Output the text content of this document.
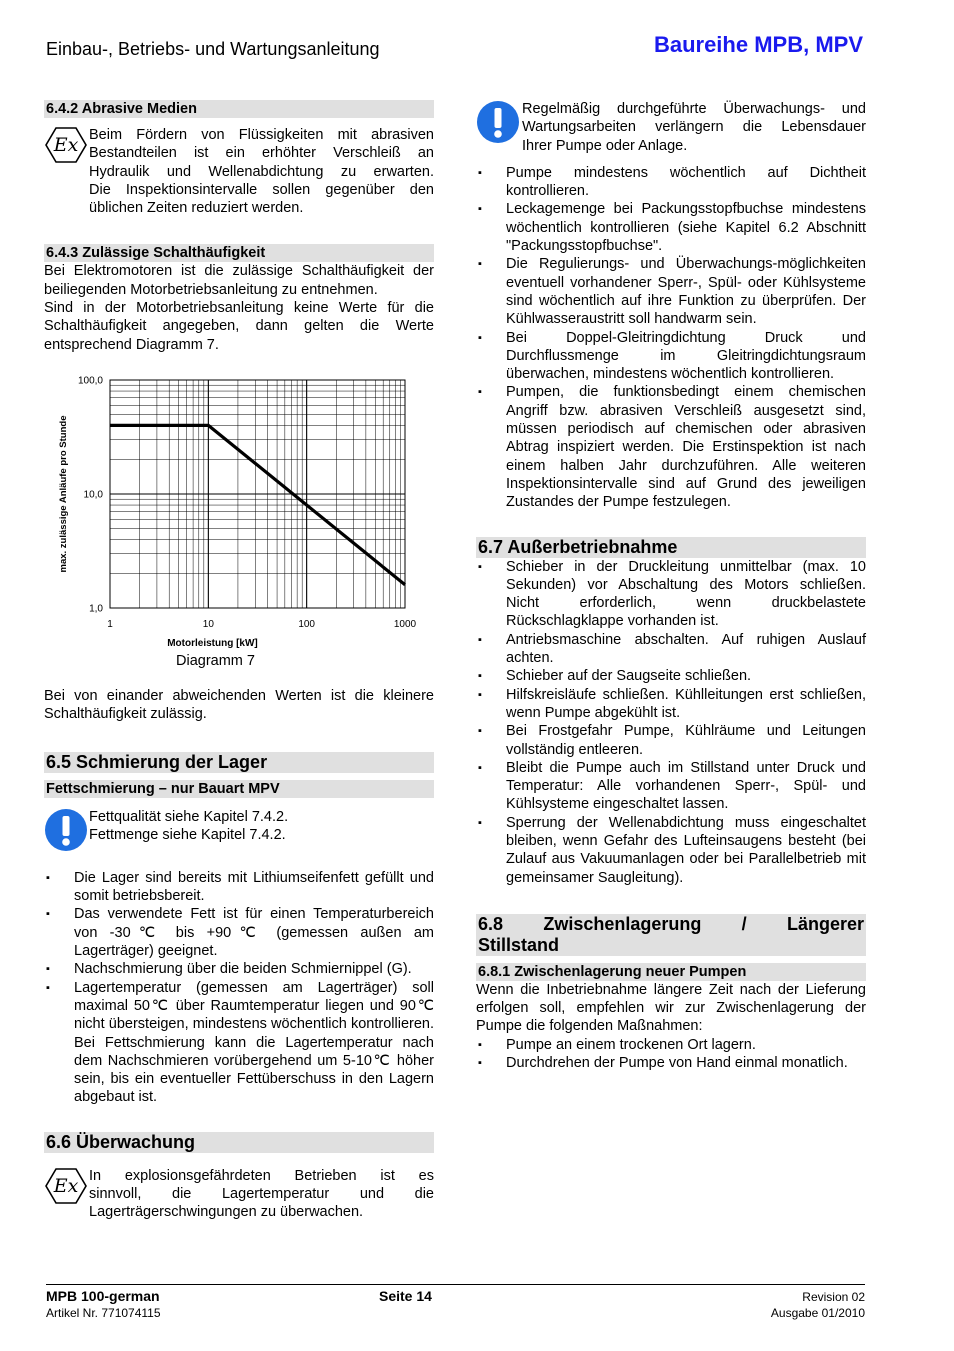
Einbau-, Betriebs- und Wartungsanleitung	Baureihe MPB, MPV
6.4.2 Abrasive Medien
Ex Beim Fördern von Flüssigkeiten mit abrasiven
Bestandteilen ist ein erhöhter Verschleiß an
Hydraulik und Wellenabdichtung zu erwarten.
Die Inspektionsintervalle sollen gegenüber den
üblichen Zeiten reduziert werden.
6.4.3 Zulässige Schalthäufigkeit

Bei Elektromotoren ist die zulässige Schalthäufigkeit der beiliegenden Motorbetriebsanleitung zu entnehmen.

Sind in der Motorbetriebsanleitung keine Werte für die Schalthäufigkeit angegeben, dann gelten die Werte entsprechend Diagramm 7.

1	10	100	1000
1,0
10,0
100,0
Motorleistung [kW]
max. zulässige Anläufe pro Stunde
Diagramm 7

Bei von einander abweichenden Werten ist die kleinere Schalthäufigkeit zulässig.

6.5 Schmierung der Lager
Fettschmierung – nur Bauart MPV
Fettqualität siehe Kapitel 7.4.2.
Fettmenge siehe Kapitel 7.4.2.
▪ Die Lager sind bereits mit Lithiumseifenfett gefüllt und somit betriebsbereit.
▪ Das verwendete Fett ist für einen Temperaturbereich von -30℃ bis +90℃ (gemessen außen am Lagerträger) geeignet.
▪ Nachschmierung über die beiden Schmiernippel (G).
▪ Lagertemperatur (gemessen am Lagerträger) soll maximal 50℃ über Raumtemperatur liegen und 90℃ nicht übersteigen, mindestens wöchentlich kontrollieren. Bei Fettschmierung kann die Lagertemperatur nach dem Nachschmieren vorübergehend um 5-10℃ höher sein, bis ein eventueller Fettüberschuss in den Lagern abgebaut ist.
6.6 Überwachung
Ex In explosionsgefährdeten Betrieben ist es
sinnvoll, die Lagertemperatur und die
Lagerträgerschwingungen zu überwachen.
Regelmäßig durchgeführte Überwachungs- und
Wartungsarbeiten verlängern die Lebensdauer
Ihrer Pumpe oder Anlage.
▪ Pumpe mindestens wöchentlich auf Dichtheit kontrollieren.
▪ Leckagemenge bei Packungsstopfbuchse mindestens wöchentlich kontrollieren (siehe Kapitel 6.2 Abschnitt "Packungsstopfbuchse".
▪ Die Regulierungs- und Überwachungs-möglichkeiten eventuell vorhandener Sperr-, Spül- oder Kühlsysteme sind wöchentlich auf ihre Funktion zu überprüfen. Der Kühlwasseraustritt soll handwarm sein.
▪ Bei Doppel-Gleitringdichtung Druck und Durchflussmenge im Gleitringdichtungsraum überwachen, mindestens wöchentlich kontrollieren.
▪ Pumpen, die funktionsbedingt einem chemischen Angriff bzw. abrasiven Verschleiß ausgesetzt sind, müssen periodisch auf chemischen oder abrasiven Abtrag inspiziert werden. Die Erstinspektion ist nach einem halben Jahr durchzuführen. Alle weiteren Inspektionsintervalle sind auf Grund des jeweiligen Zustandes der Pumpe festzulegen.
6.7 Außerbetriebnahme
▪ Schieber in der Druckleitung unmittelbar (max. 10 Sekunden) vor Abschaltung des Motors schließen. Nicht erforderlich, wenn druckbelastete Rückschlagklappe vorhanden ist.
▪ Antriebsmaschine abschalten. Auf ruhigen Auslauf achten.
▪ Schieber auf der Saugseite schließen.
▪ Hilfskreisläufe schließen. Kühlleitungen erst schließen, wenn Pumpe abgekühlt ist.
▪ Bei Frostgefahr Pumpe, Kühlräume und Leitungen vollständig entleeren.
▪ Bleibt die Pumpe auch im Stillstand unter Druck und Temperatur: Alle vorhandenen Sperr-, Spül- und Kühlsysteme eingeschaltet lassen.
▪ Sperrung der Wellenabdichtung muss eingeschaltet bleiben, wenn Gefahr des Lufteinsaugens besteht (bei Zulauf aus Vakuumanlagen oder bei Parallelbetrieb mit gemeinsamer Saugleitung).
6.8 Zwischenlagerung / Längerer
Stillstand
6.8.1 Zwischenlagerung neuer Pumpen

Wenn die Inbetriebnahme längere Zeit nach der Lieferung erfolgen soll, empfehlen wir zur Zwischenlagerung der Pumpe die folgenden Maßnahmen:

▪ Pumpe an einem trockenen Ort lagern.
▪ Durchdrehen der Pumpe von Hand einmal monatlich.
MPB 100-german
Artikel Nr. 771074115
Seite 14	Revision 02
Ausgabe 01/2010
